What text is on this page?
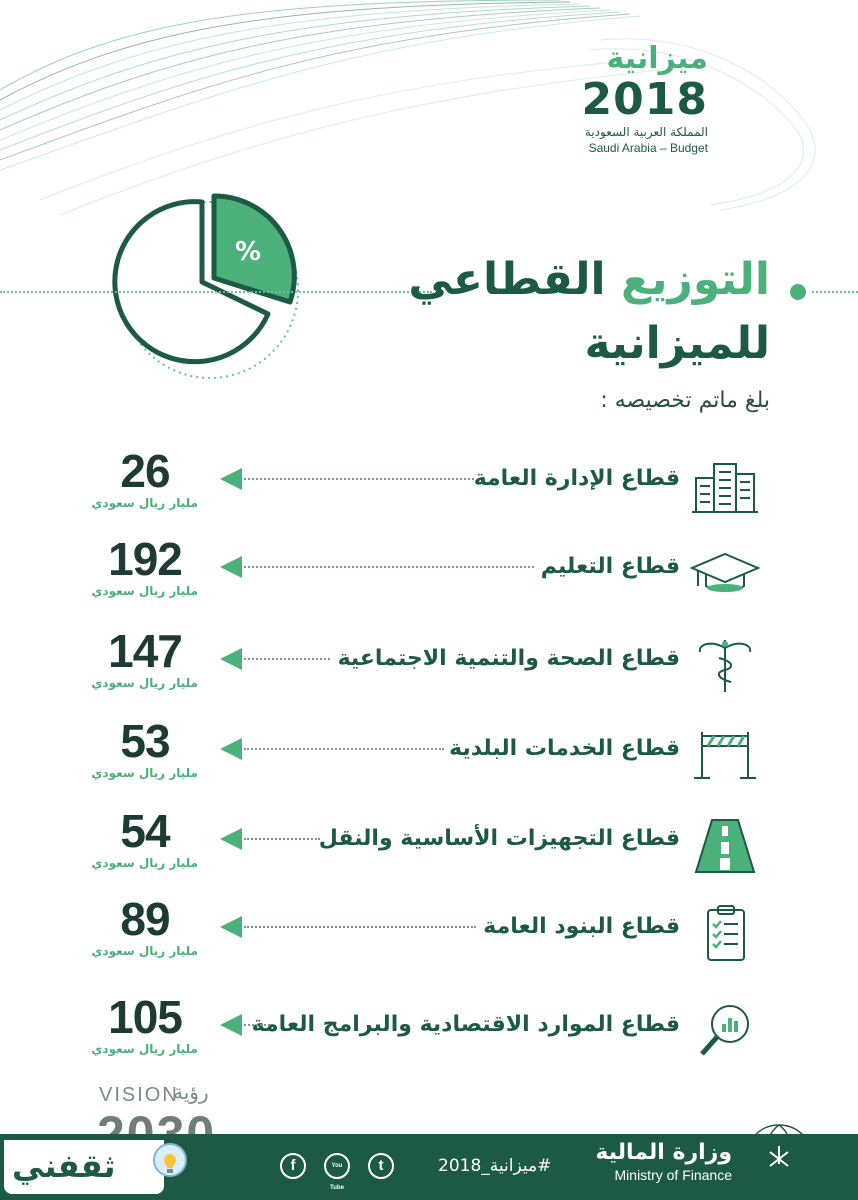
ميزانية
2018
المملكة العربية السعودية
Saudi Arabia – Budget
%
التوزيع القطاعي
للميزانية
بلغ ماتم تخصيصه :
قطاع الإدارة العامة
26
مليار ريال سعودي
قطاع التعليم
192
مليار ريال سعودي
قطاع الصحة والتنمية الاجتماعية
147
مليار ريال سعودي
قطاع الخدمات البلدية
53
مليار ريال سعودي
قطاع التجهيزات الأساسية والنقل
54
مليار ريال سعودي
قطاع البنود العامة
89
مليار ريال سعودي
قطاع الموارد الاقتصادية والبرامج العامة
105
مليار ريال سعودي
VISION
رؤية
ثقفني	f	You Tube
t	#ميزانية_2018
وزارة المالية
Ministry of Finance
